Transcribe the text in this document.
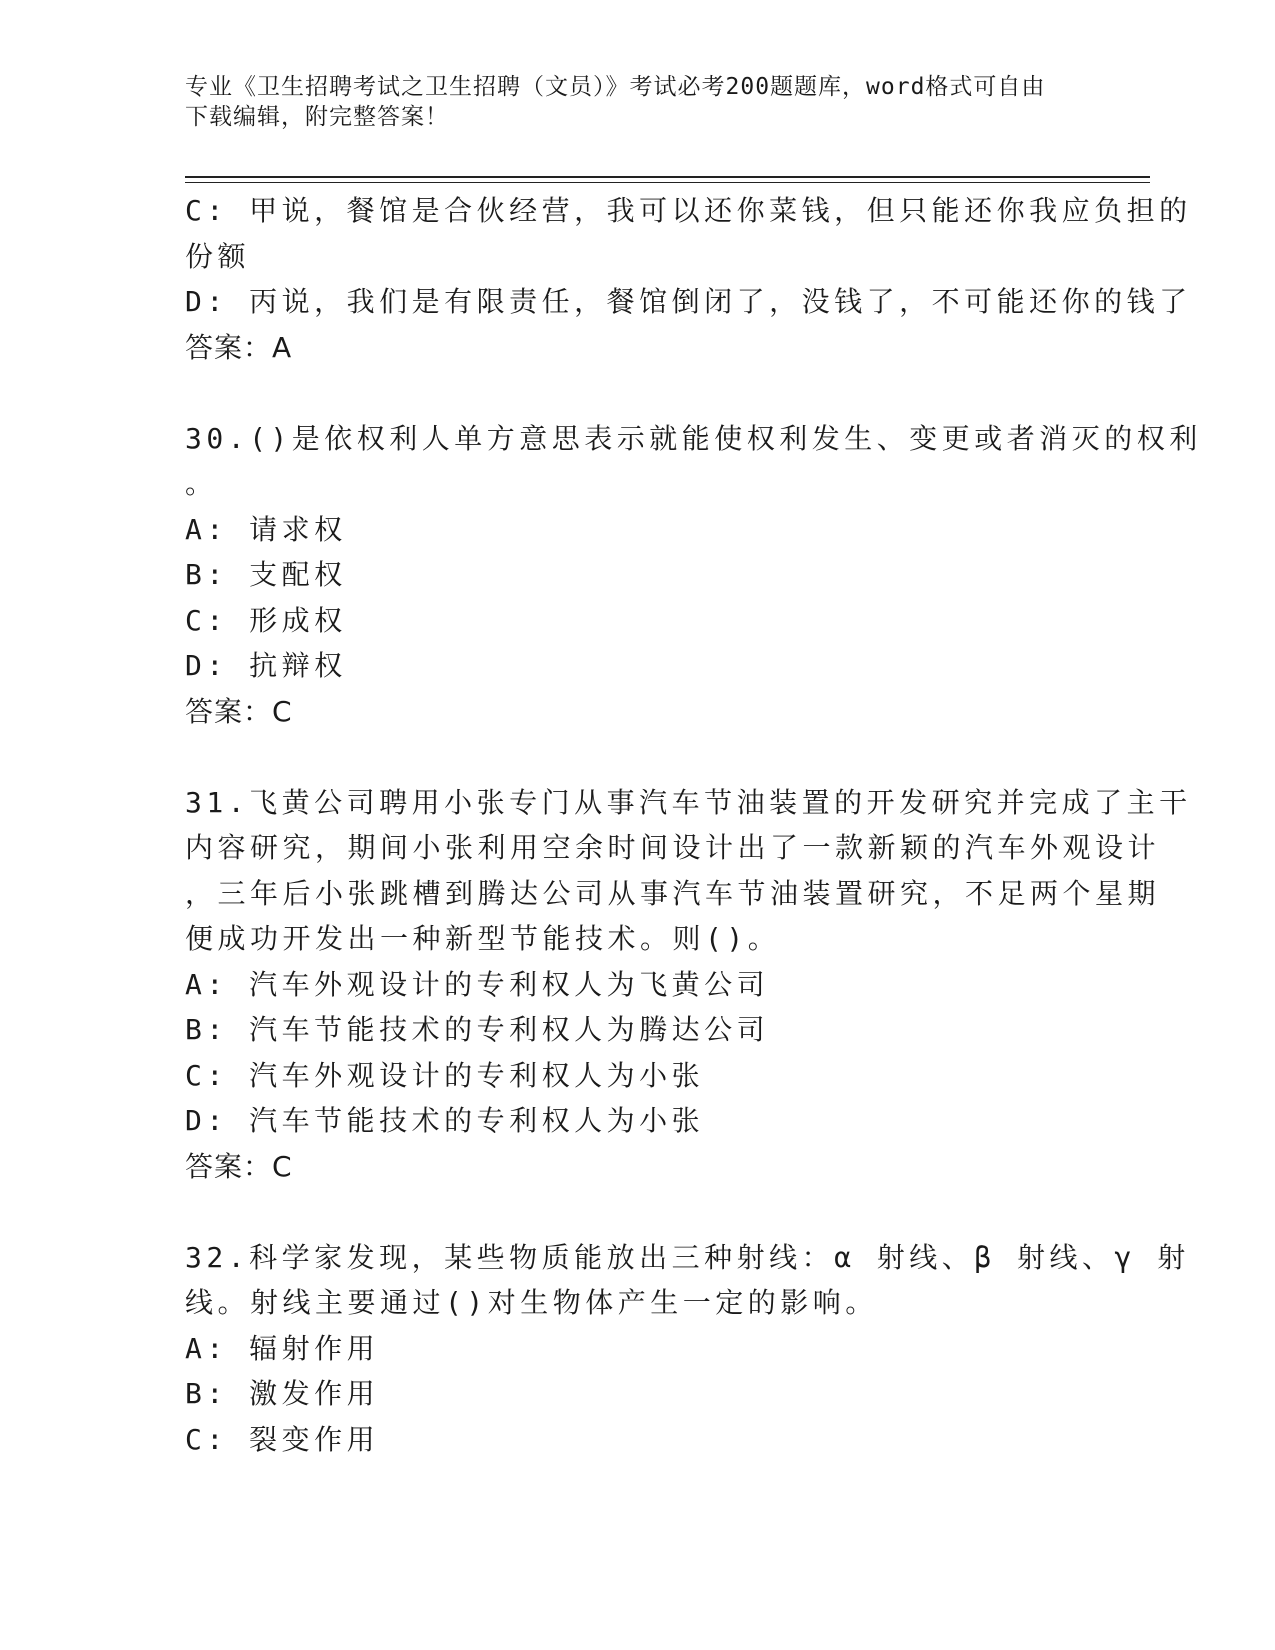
专业《卫生招聘考试之卫生招聘（文员）》考试必考200题题库，word格式可自由下载编辑，附完整答案！
C: 甲说，餐馆是合伙经营，我可以还你菜钱，但只能还你我应负担的
份额
D: 丙说，我们是有限责任，餐馆倒闭了，没钱了，不可能还你的钱了
答案：A
30.()是依权利人单方意思表示就能使权利发生、变更或者消灭的权利
。
A: 请求权
B: 支配权
C: 形成权
D: 抗辩权
答案：C
31.飞黄公司聘用小张专门从事汽车节油装置的开发研究并完成了主干
内容研究，期间小张利用空余时间设计出了一款新颖的汽车外观设计
，三年后小张跳槽到腾达公司从事汽车节油装置研究，不足两个星期
便成功开发出一种新型节能技术。则()。
A: 汽车外观设计的专利权人为飞黄公司
B: 汽车节能技术的专利权人为腾达公司
C: 汽车外观设计的专利权人为小张
D: 汽车节能技术的专利权人为小张
答案：C
32.科学家发现，某些物质能放出三种射线：α 射线、β 射线、γ 射
线。射线主要通过()对生物体产生一定的影响。
A: 辐射作用
B: 激发作用
C: 裂变作用
